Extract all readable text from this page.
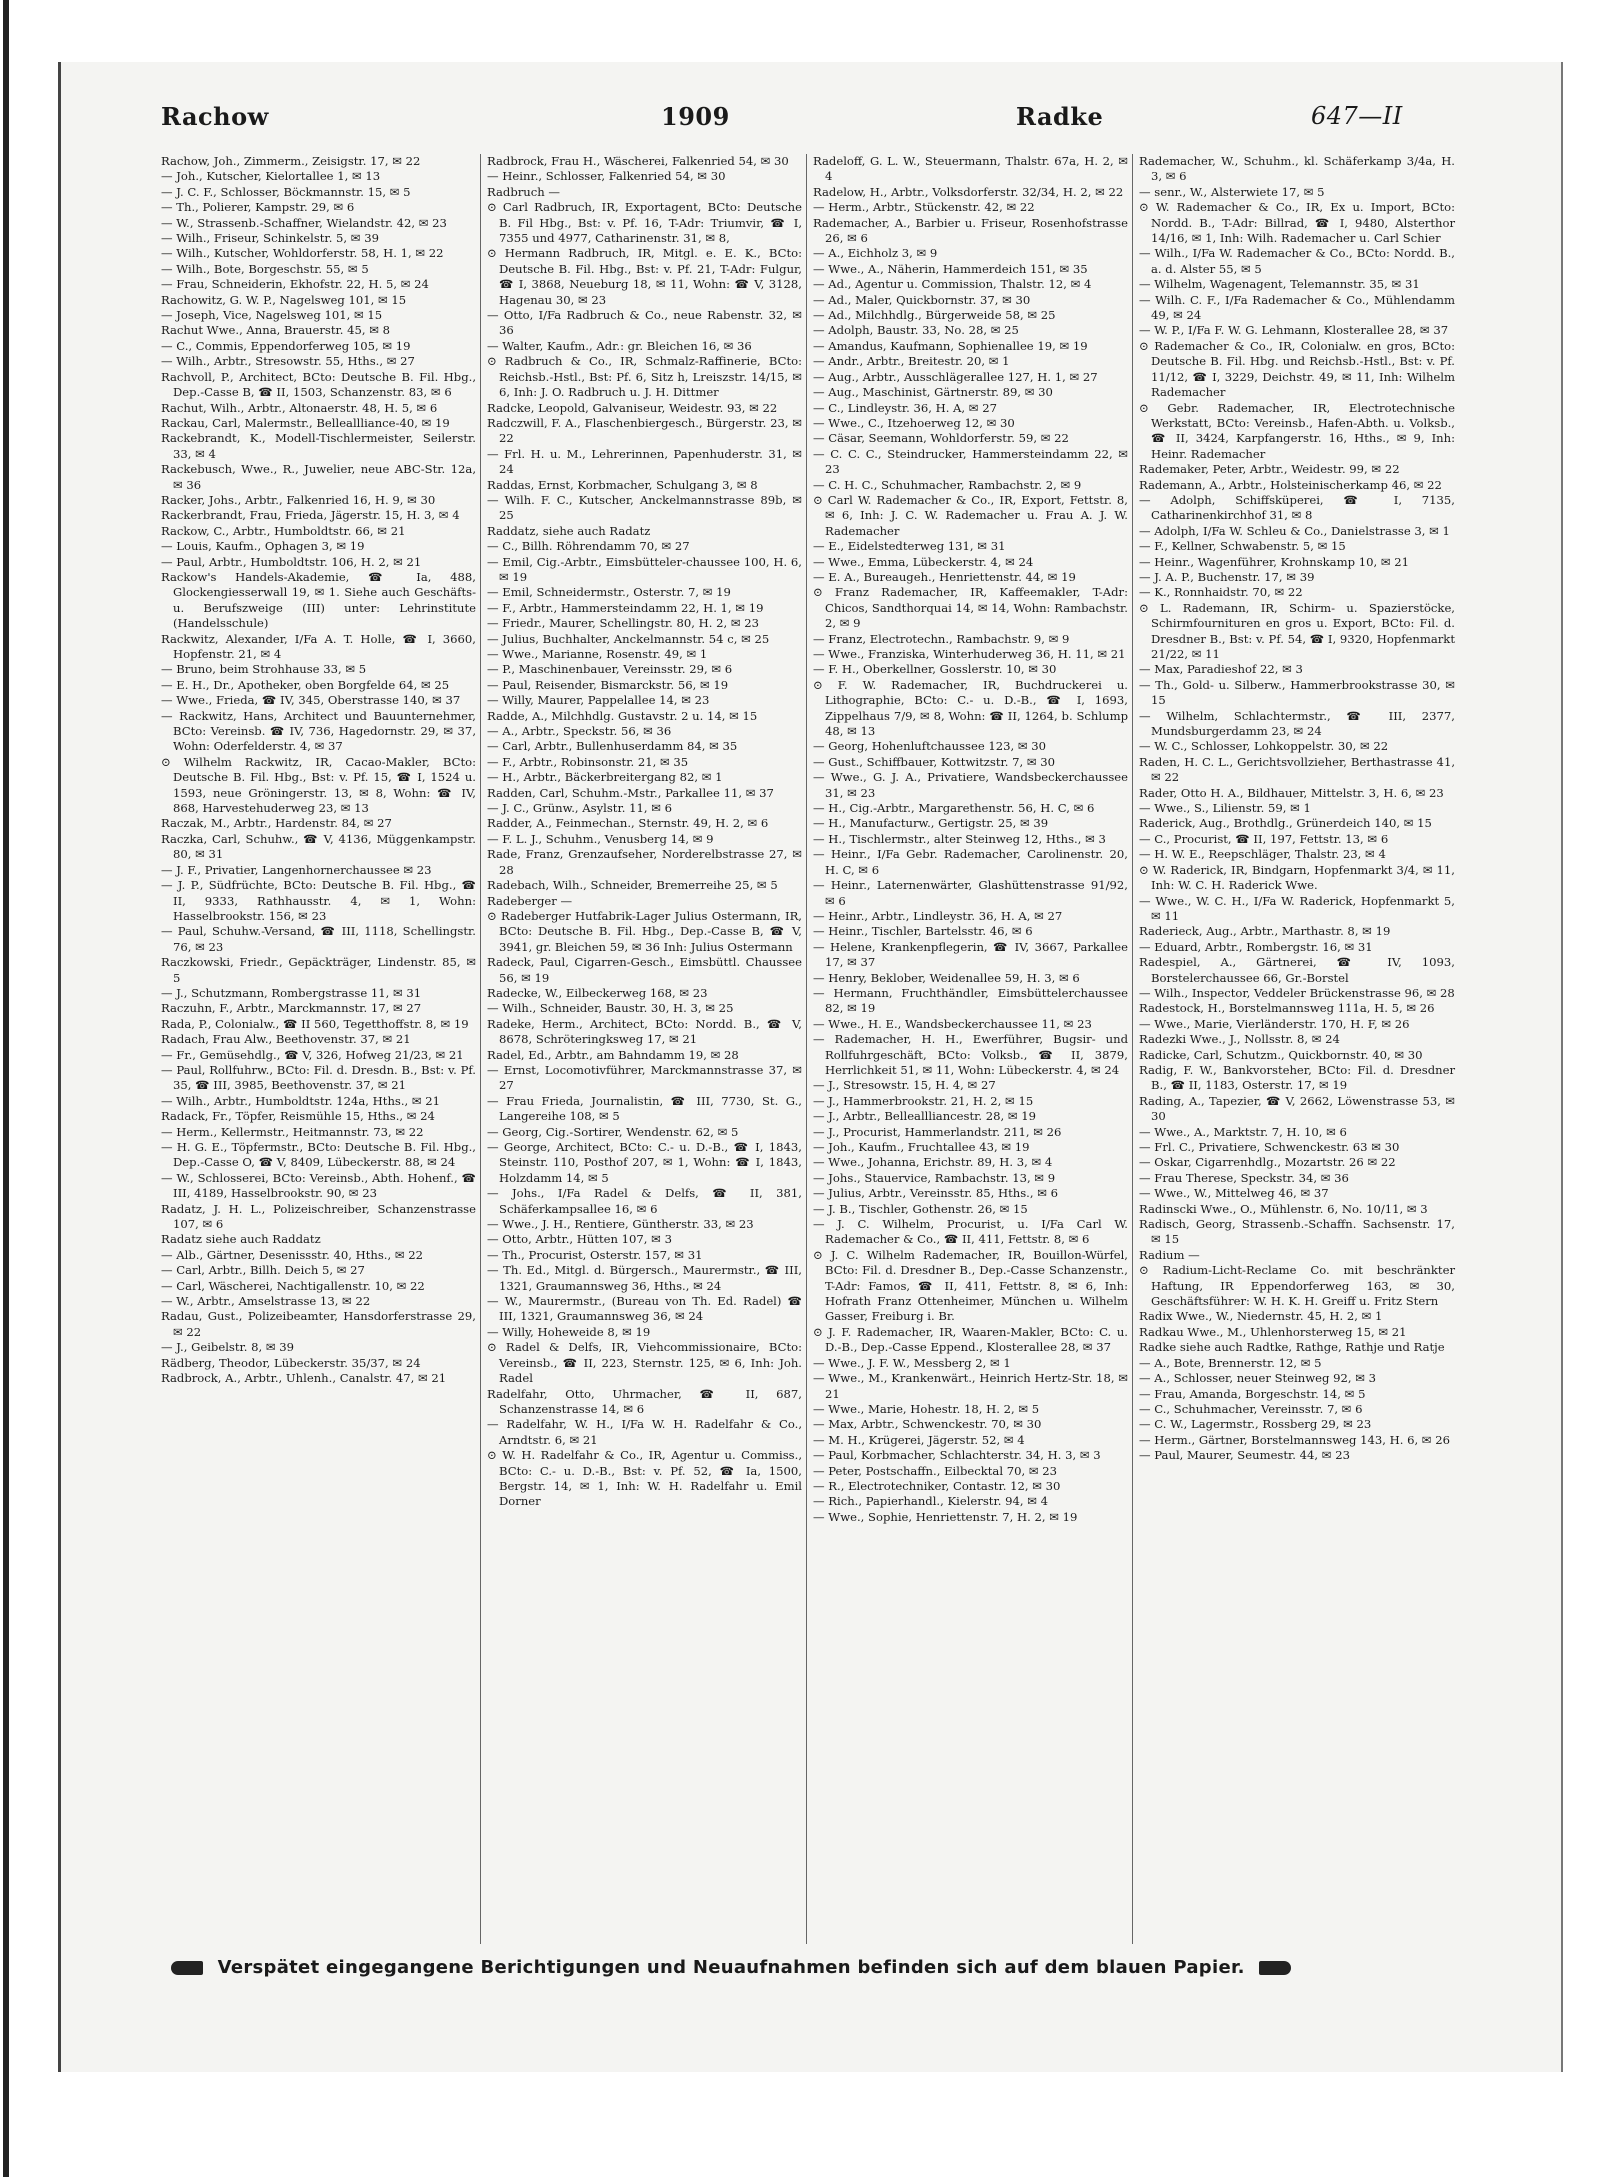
Rachow	1909	Radke	647—II
Rachow, Joh., Zimmerm., Zeisigstr. 17, ✉ 22
— Joh., Kutscher, Kielortallee 1, ✉ 13
— J. C. F., Schlosser, Böckmannstr. 15, ✉ 5
— Th., Polierer, Kampstr. 29, ✉ 6
— W., Strassenb.-Schaffner, Wielandstr. 42, ✉ 23
— Wilh., Friseur, Schinkelstr. 5, ✉ 39
— Wilh., Kutscher, Wohldorferstr. 58, H. 1, ✉ 22
— Wilh., Bote, Borgeschstr. 55, ✉ 5
— Frau, Schneiderin, Ekhofstr. 22, H. 5, ✉ 24
Rachowitz, G. W. P., Nagelsweg 101, ✉ 15
— Joseph, Vice, Nagelsweg 101, ✉ 15
Rachut Wwe., Anna, Brauerstr. 45, ✉ 8
— C., Commis, Eppendorferweg 105, ✉ 19
— Wilh., Arbtr., Stresowstr. 55, Hths., ✉ 27
Rachvoll, P., Architect, BCto: Deutsche B. Fil. Hbg., Dep.-Casse B, ☎ II, 1503, Schanzenstr. 83, ✉ 6
Rachut, Wilh., Arbtr., Altonaerstr. 48, H. 5, ✉ 6
Rackau, Carl, Malermstr., Belleallliance-40, ✉ 19
Rackebrandt, K., Modell-Tischlermeister, Seilerstr. 33, ✉ 4
Rackebusch, Wwe., R., Juwelier, neue ABC-Str. 12a, ✉ 36
Racker, Johs., Arbtr., Falkenried 16, H. 9, ✉ 30
Rackerbrandt, Frau, Frieda, Jägerstr. 15, H. 3, ✉ 4
Rackow, C., Arbtr., Humboldtstr. 66, ✉ 21
— Louis, Kaufm., Ophagen 3, ✉ 19
— Paul, Arbtr., Humboldtstr. 106, H. 2, ✉ 21
Rackow's Handels-Akademie, ☎ Ia, 488, Glockengiesserwall 19, ✉ 1. Siehe auch Geschäfts- u. Berufszweige (III) unter: Lehrinstitute (Handelsschule)
Rackwitz, Alexander, I/Fa A. T. Holle, ☎ I, 3660, Hopfenstr. 21, ✉ 4
— Bruno, beim Strohhause 33, ✉ 5
— E. H., Dr., Apotheker, oben Borgfelde 64, ✉ 25
— Wwe., Frieda, ☎ IV, 345, Oberstrasse 140, ✉ 37
— Rackwitz, Hans, Architect und Bauunternehmer, BCto: Vereinsb. ☎ IV, 736, Hagedornstr. 29, ✉ 37, Wohn: Oderfelderstr. 4, ✉ 37
⊙ Wilhelm Rackwitz, IR, Cacao-Makler, BCto: Deutsche B. Fil. Hbg., Bst: v. Pf. 15, ☎ I, 1524 u. 1593, neue Gröningerstr. 13, ✉ 8, Wohn: ☎ IV, 868, Harvestehuderweg 23, ✉ 13
Raczak, M., Arbtr., Hardenstr. 84, ✉ 27
Raczka, Carl, Schuhw., ☎ V, 4136, Müggenkampstr. 80, ✉ 31
— J. F., Privatier, Langenhornerchaussee ✉ 23
— J. P., Südfrüchte, BCto: Deutsche B. Fil. Hbg., ☎ II, 9333, Rathhausstr. 4, ✉ 1, Wohn: Hasselbrookstr. 156, ✉ 23
— Paul, Schuhw.-Versand, ☎ III, 1118, Schellingstr. 76, ✉ 23
Raczkowski, Friedr., Gepäckträger, Lindenstr. 85, ✉ 5
— J., Schutzmann, Rombergstrasse 11, ✉ 31
Raczuhn, F., Arbtr., Marckmannstr. 17, ✉ 27
Rada, P., Colonialw., ☎ II 560, Tegetthoffstr. 8, ✉ 19
Radach, Frau Alw., Beethovenstr. 37, ✉ 21
— Fr., Gemüsehdlg., ☎ V, 326, Hofweg 21/23, ✉ 21
— Paul, Rollfuhrw., BCto: Fil. d. Dresdn. B., Bst: v. Pf. 35, ☎ III, 3985, Beethovenstr. 37, ✉ 21
— Wilh., Arbtr., Humboldtstr. 124a, Hths., ✉ 21
Radack, Fr., Töpfer, Reismühle 15, Hths., ✉ 24
— Herm., Kellermstr., Heitmannstr. 73, ✉ 22
— H. G. E., Töpfermstr., BCto: Deutsche B. Fil. Hbg., Dep.-Casse O, ☎ V, 8409, Lübeckerstr. 88, ✉ 24
— W., Schlosserei, BCto: Vereinsb., Abth. Hohenf., ☎ III, 4189, Hasselbrookstr. 90, ✉ 23
Radatz, J. H. L., Polizeischreiber, Schanzenstrasse 107, ✉ 6
Radatz siehe auch Raddatz
— Alb., Gärtner, Desenissstr. 40, Hths., ✉ 22
— Carl, Arbtr., Billh. Deich 5, ✉ 27
— Carl, Wäscherei, Nachtigallenstr. 10, ✉ 22
— W., Arbtr., Amselstrasse 13, ✉ 22
Radau, Gust., Polizeibeamter, Hansdorferstrasse 29, ✉ 22
— J., Geibelstr. 8, ✉ 39
Rädberg, Theodor, Lübeckerstr. 35/37, ✉ 24
Radbrock, A., Arbtr., Uhlenh., Canalstr. 47, ✉ 21
Radbrock, Frau H., Wäscherei, Falkenried 54, ✉ 30
— Heinr., Schlosser, Falkenried 54, ✉ 30
Radbruch —
⊙ Carl Radbruch, IR, Exportagent, BCto: Deutsche B. Fil Hbg., Bst: v. Pf. 16, T-Adr: Triumvir, ☎ I, 7355 und 4977, Catharinenstr. 31, ✉ 8,
⊙ Hermann Radbruch, IR, Mitgl. e. E. K., BCto: Deutsche B. Fil. Hbg., Bst: v. Pf. 21, T-Adr: Fulgur, ☎ I, 3868, Neueburg 18, ✉ 11, Wohn: ☎ V, 3128, Hagenau 30, ✉ 23
— Otto, I/Fa Radbruch & Co., neue Rabenstr. 32, ✉ 36
— Walter, Kaufm., Adr.: gr. Bleichen 16, ✉ 36
⊙ Radbruch & Co., IR, Schmalz-Raffinerie, BCto: Reichsb.-Hstl., Bst: Pf. 6, Sitz h, Lreiszstr. 14/15, ✉ 6, Inh: J. O. Radbruch u. J. H. Dittmer
Radcke, Leopold, Galvaniseur, Weidestr. 93, ✉ 22
Radczwill, F. A., Flaschenbiergesch., Bürgerstr. 23, ✉ 22
— Frl. H. u. M., Lehrerinnen, Papenhuderstr. 31, ✉ 24
Raddas, Ernst, Korbmacher, Schulgang 3, ✉ 8
— Wilh. F. C., Kutscher, Anckelmannstrasse 89b, ✉ 25
Raddatz, siehe auch Radatz
— C., Billh. Röhrendamm 70, ✉ 27
— Emil, Cig.-Arbtr., Eimsbütteler-chaussee 100, H. 6, ✉ 19
— Emil, Schneidermstr., Osterstr. 7, ✉ 19
— F., Arbtr., Hammersteindamm 22, H. 1, ✉ 19
— Friedr., Maurer, Schellingstr. 80, H. 2, ✉ 23
— Julius, Buchhalter, Anckelmannstr. 54 c, ✉ 25
— Wwe., Marianne, Rosenstr. 49, ✉ 1
— P., Maschinenbauer, Vereinsstr. 29, ✉ 6
— Paul, Reisender, Bismarckstr. 56, ✉ 19
— Willy, Maurer, Pappelallee 14, ✉ 23
Radde, A., Milchhdlg. Gustavstr. 2 u. 14, ✉ 15
— A., Arbtr., Speckstr. 56, ✉ 36
— Carl, Arbtr., Bullenhuserdamm 84, ✉ 35
— F., Arbtr., Robinsonstr. 21, ✉ 35
— H., Arbtr., Bäckerbreitergang 82, ✉ 1
Radden, Carl, Schuhm.-Mstr., Parkallee 11, ✉ 37
— J. C., Grünw., Asylstr. 11, ✉ 6
Radder, A., Feinmechan., Sternstr. 49, H. 2, ✉ 6
— F. L. J., Schuhm., Venusberg 14, ✉ 9
Rade, Franz, Grenzaufseher, Norderelbstrasse 27, ✉ 28
Radebach, Wilh., Schneider, Bremerreihe 25, ✉ 5
Radeberger —
⊙ Radeberger Hutfabrik-Lager Julius Ostermann, IR, BCto: Deutsche B. Fil. Hbg., Dep.-Casse B, ☎ V, 3941, gr. Bleichen 59, ✉ 36 Inh: Julius Ostermann
Radeck, Paul, Cigarren-Gesch., Eimsbüttl. Chaussee 56, ✉ 19
Radecke, W., Eilbeckerweg 168, ✉ 23
— Wilh., Schneider, Baustr. 30, H. 3, ✉ 25
Radeke, Herm., Architect, BCto: Nordd. B., ☎ V, 8678, Schröteringksweg 17, ✉ 21
Radel, Ed., Arbtr., am Bahndamm 19, ✉ 28
— Ernst, Locomotivführer, Marckmannstrasse 37, ✉ 27
— Frau Frieda, Journalistin, ☎ III, 7730, St. G., Langereihe 108, ✉ 5
— Georg, Cig.-Sortirer, Wendenstr. 62, ✉ 5
— George, Architect, BCto: C.- u. D.-B., ☎ I, 1843, Steinstr. 110, Posthof 207, ✉ 1, Wohn: ☎ I, 1843, Holzdamm 14, ✉ 5
— Johs., I/Fa Radel & Delfs, ☎ II, 381, Schäferkampsallee 16, ✉ 6
— Wwe., J. H., Rentiere, Güntherstr. 33, ✉ 23
— Otto, Arbtr., Hütten 107, ✉ 3
— Th., Procurist, Osterstr. 157, ✉ 31
— Th. Ed., Mitgl. d. Bürgersch., Maurermstr., ☎ III, 1321, Graumannsweg 36, Hths., ✉ 24
— W., Maurermstr., (Bureau von Th. Ed. Radel) ☎ III, 1321, Graumannsweg 36, ✉ 24
— Willy, Hoheweide 8, ✉ 19
⊙ Radel & Delfs, IR, Viehcommissionaire, BCto: Vereinsb., ☎ II, 223, Sternstr. 125, ✉ 6, Inh: Joh. Radel
Radelfahr, Otto, Uhrmacher, ☎ II, 687, Schanzenstrasse 14, ✉ 6
— Radelfahr, W. H., I/Fa W. H. Radelfahr & Co., Arndtstr. 6, ✉ 21
⊙ W. H. Radelfahr & Co., IR, Agentur u. Commiss., BCto: C.- u. D.-B., Bst: v. Pf. 52, ☎ Ia, 1500, Bergstr. 14, ✉ 1, Inh: W. H. Radelfahr u. Emil Dorner
Radeloff, G. L. W., Steuermann, Thalstr. 67a, H. 2, ✉ 4
Radelow, H., Arbtr., Volksdorferstr. 32/34, H. 2, ✉ 22
— Herm., Arbtr., Stückenstr. 42, ✉ 22
Rademacher, A., Barbier u. Friseur, Rosenhofstrasse 26, ✉ 6
— A., Eichholz 3, ✉ 9
— Wwe., A., Näherin, Hammerdeich 151, ✉ 35
— Ad., Agentur u. Commission, Thalstr. 12, ✉ 4
— Ad., Maler, Quickbornstr. 37, ✉ 30
— Ad., Milchhdlg., Bürgerweide 58, ✉ 25
— Adolph, Baustr. 33, No. 28, ✉ 25
— Amandus, Kaufmann, Sophienallee 19, ✉ 19
— Andr., Arbtr., Breitestr. 20, ✉ 1
— Aug., Arbtr., Ausschlägerallee 127, H. 1, ✉ 27
— Aug., Maschinist, Gärtnerstr. 89, ✉ 30
— C., Lindleystr. 36, H. A, ✉ 27
— Wwe., C., Itzehoerweg 12, ✉ 30
— Cäsar, Seemann, Wohldorferstr. 59, ✉ 22
— C. C. C., Steindrucker, Hammersteindamm 22, ✉ 23
— C. H. C., Schuhmacher, Rambachstr. 2, ✉ 9
⊙ Carl W. Rademacher & Co., IR, Export, Fettstr. 8, ✉ 6, Inh: J. C. W. Rademacher u. Frau A. J. W. Rademacher
— E., Eidelstedterweg 131, ✉ 31
— Wwe., Emma, Lübeckerstr. 4, ✉ 24
— E. A., Bureaugeh., Henriettenstr. 44, ✉ 19
⊙ Franz Rademacher, IR, Kaffeemakler, T-Adr: Chicos, Sandthorquai 14, ✉ 14, Wohn: Rambachstr. 2, ✉ 9
— Franz, Electrotechn., Rambachstr. 9, ✉ 9
— Wwe., Franziska, Winterhuderweg 36, H. 11, ✉ 21
— F. H., Oberkellner, Gosslerstr. 10, ✉ 30
⊙ F. W. Rademacher, IR, Buchdruckerei u. Lithographie, BCto: C.- u. D.-B., ☎ I, 1693, Zippelhaus 7/9, ✉ 8, Wohn: ☎ II, 1264, b. Schlump 48, ✉ 13
— Georg, Hohenluftchaussee 123, ✉ 30
— Gust., Schiffbauer, Kottwitzstr. 7, ✉ 30
— Wwe., G. J. A., Privatiere, Wandsbeckerchaussee 31, ✉ 23
— H., Cig.-Arbtr., Margarethenstr. 56, H. C, ✉ 6
— H., Manufacturw., Gertigstr. 25, ✉ 39
— H., Tischlermstr., alter Steinweg 12, Hths., ✉ 3
— Heinr., I/Fa Gebr. Rademacher, Carolinenstr. 20, H. C, ✉ 6
— Heinr., Laternenwärter, Glashüttenstrasse 91/92, ✉ 6
— Heinr., Arbtr., Lindleystr. 36, H. A, ✉ 27
— Heinr., Tischler, Bartelsstr. 46, ✉ 6
— Helene, Krankenpflegerin, ☎ IV, 3667, Parkallee 17, ✉ 37
— Henry, Beklober, Weidenallee 59, H. 3, ✉ 6
— Hermann, Fruchthändler, Eimsbüttelerchaussee 82, ✉ 19
— Wwe., H. E., Wandsbeckerchaussee 11, ✉ 23
— Rademacher, H. H., Ewerführer, Bugsir- und Rollfuhrgeschäft, BCto: Volksb., ☎ II, 3879, Herrlichkeit 51, ✉ 11, Wohn: Lübeckerstr. 4, ✉ 24
— J., Stresowstr. 15, H. 4, ✉ 27
— J., Hammerbrookstr. 21, H. 2, ✉ 15
— J., Arbtr., Belleallliancestr. 28, ✉ 19
— J., Procurist, Hammerlandstr. 211, ✉ 26
— Joh., Kaufm., Fruchtallee 43, ✉ 19
— Wwe., Johanna, Erichstr. 89, H. 3, ✉ 4
— Johs., Stauervice, Rambachstr. 13, ✉ 9
— Julius, Arbtr., Vereinsstr. 85, Hths., ✉ 6
— J. B., Tischler, Gothenstr. 26, ✉ 15
— J. C. Wilhelm, Procurist, u. I/Fa Carl W. Rademacher & Co., ☎ II, 411, Fettstr. 8, ✉ 6
⊙ J. C. Wilhelm Rademacher, IR, Bouillon-Würfel, BCto: Fil. d. Dresdner B., Dep.-Casse Schanzenstr., T-Adr: Famos, ☎ II, 411, Fettstr. 8, ✉ 6, Inh: Hofrath Franz Ottenheimer, München u. Wilhelm Gasser, Freiburg i. Br.
⊙ J. F. Rademacher, IR, Waaren-Makler, BCto: C. u. D.-B., Dep.-Casse Eppend., Klosterallee 28, ✉ 37
— Wwe., J. F. W., Messberg 2, ✉ 1
— Wwe., M., Krankenwärt., Heinrich Hertz-Str. 18, ✉ 21
— Wwe., Marie, Hohestr. 18, H. 2, ✉ 5
— Max, Arbtr., Schwenckestr. 70, ✉ 30
— M. H., Krügerei, Jägerstr. 52, ✉ 4
— Paul, Korbmacher, Schlachterstr. 34, H. 3, ✉ 3
— Peter, Postschaffn., Eilbecktal 70, ✉ 23
— R., Electrotechniker, Contastr. 12, ✉ 30
— Rich., Papierhandl., Kielerstr. 94, ✉ 4
— Wwe., Sophie, Henriettenstr. 7, H. 2, ✉ 19
Rademacher, W., Schuhm., kl. Schäferkamp 3/4a, H. 3, ✉ 6
— senr., W., Alsterwiete 17, ✉ 5
⊙ W. Rademacher & Co., IR, Ex u. Import, BCto: Nordd. B., T-Adr: Billrad, ☎ I, 9480, Alsterthor 14/16, ✉ 1, Inh: Wilh. Rademacher u. Carl Schier
— Wilh., I/Fa W. Rademacher & Co., BCto: Nordd. B., a. d. Alster 55, ✉ 5
— Wilhelm, Wagenagent, Telemannstr. 35, ✉ 31
— Wilh. C. F., I/Fa Rademacher & Co., Mühlendamm 49, ✉ 24
— W. P., I/Fa F. W. G. Lehmann, Klosterallee 28, ✉ 37
⊙ Rademacher & Co., IR, Colonialw. en gros, BCto: Deutsche B. Fil. Hbg. und Reichsb.-Hstl., Bst: v. Pf. 11/12, ☎ I, 3229, Deichstr. 49, ✉ 11, Inh: Wilhelm Rademacher
⊙ Gebr. Rademacher, IR, Electrotechnische Werkstatt, BCto: Vereinsb., Hafen-Abth. u. Volksb., ☎ II, 3424, Karpfangerstr. 16, Hths., ✉ 9, Inh: Heinr. Rademacher
Rademaker, Peter, Arbtr., Weidestr. 99, ✉ 22
Rademann, A., Arbtr., Holsteinischerkamp 46, ✉ 22
— Adolph, Schiffsküperei, ☎ I, 7135, Catharinenkirchhof 31, ✉ 8
— Adolph, I/Fa W. Schleu & Co., Danielstrasse 3, ✉ 1
— F., Kellner, Schwabenstr. 5, ✉ 15
— Heinr., Wagenführer, Krohnskamp 10, ✉ 21
— J. A. P., Buchenstr. 17, ✉ 39
— K., Ronnhaidstr. 70, ✉ 22
⊙ L. Rademann, IR, Schirm- u. Spazierstöcke, Schirmfournituren en gros u. Export, BCto: Fil. d. Dresdner B., Bst: v. Pf. 54, ☎ I, 9320, Hopfenmarkt 21/22, ✉ 11
— Max, Paradieshof 22, ✉ 3
— Th., Gold- u. Silberw., Hammerbrookstrasse 30, ✉ 15
— Wilhelm, Schlachtermstr., ☎ III, 2377, Mundsburgerdamm 23, ✉ 24
— W. C., Schlosser, Lohkoppelstr. 30, ✉ 22
Raden, H. C. L., Gerichtsvollzieher, Berthastrasse 41, ✉ 22
Rader, Otto H. A., Bildhauer, Mittelstr. 3, H. 6, ✉ 23
— Wwe., S., Lilienstr. 59, ✉ 1
Raderick, Aug., Brothdlg., Grünerdeich 140, ✉ 15
— C., Procurist, ☎ II, 197, Fettstr. 13, ✉ 6
— H. W. E., Reepschläger, Thalstr. 23, ✉ 4
⊙ W. Raderick, IR, Bindgarn, Hopfenmarkt 3/4, ✉ 11, Inh: W. C. H. Raderick Wwe.
— Wwe., W. C. H., I/Fa W. Raderick, Hopfenmarkt 5, ✉ 11
Raderieck, Aug., Arbtr., Marthastr. 8, ✉ 19
— Eduard, Arbtr., Rombergstr. 16, ✉ 31
Radespiel, A., Gärtnerei, ☎ IV, 1093, Borstelerchaussee 66, Gr.-Borstel
— Wilh., Inspector, Veddeler Brückenstrasse 96, ✉ 28
Radestock, H., Borstelmannsweg 111a, H. 5, ✉ 26
— Wwe., Marie, Vierländerstr. 170, H. F, ✉ 26
Radezki Wwe., J., Nollsstr. 8, ✉ 24
Radicke, Carl, Schutzm., Quickbornstr. 40, ✉ 30
Radig, F. W., Bankvorsteher, BCto: Fil. d. Dresdner B., ☎ II, 1183, Osterstr. 17, ✉ 19
Rading, A., Tapezier, ☎ V, 2662, Löwenstrasse 53, ✉ 30
— Wwe., A., Marktstr. 7, H. 10, ✉ 6
— Frl. C., Privatiere, Schwenckestr. 63 ✉ 30
— Oskar, Cigarrenhdlg., Mozartstr. 26 ✉ 22
— Frau Therese, Speckstr. 34, ✉ 36
— Wwe., W., Mittelweg 46, ✉ 37
Radinscki Wwe., O., Mühlenstr. 6, No. 10/11, ✉ 3
Radisch, Georg, Strassenb.-Schaffn. Sachsenstr. 17, ✉ 15
Radium —
⊙ Radium-Licht-Reclame Co. mit beschränkter Haftung, IR Eppendorferweg 163, ✉ 30, Geschäftsführer: W. H. K. H. Greiff u. Fritz Stern
Radix Wwe., W., Niedernstr. 45, H. 2, ✉ 1
Radkau Wwe., M., Uhlenhorsterweg 15, ✉ 21
Radke siehe auch Radtke, Rathge, Rathje und Ratje
— A., Bote, Brennerstr. 12, ✉ 5
— A., Schlosser, neuer Steinweg 92, ✉ 3
— Frau, Amanda, Borgeschstr. 14, ✉ 5
— C., Schuhmacher, Vereinsstr. 7, ✉ 6
— C. W., Lagermstr., Rossberg 29, ✉ 23
— Herm., Gärtner, Borstelmannsweg 143, H. 6, ✉ 26
— Paul, Maurer, Seumestr. 44, ✉ 23
Verspätet eingegangene Berichtigungen und Neuaufnahmen befinden sich auf dem blauen Papier.
